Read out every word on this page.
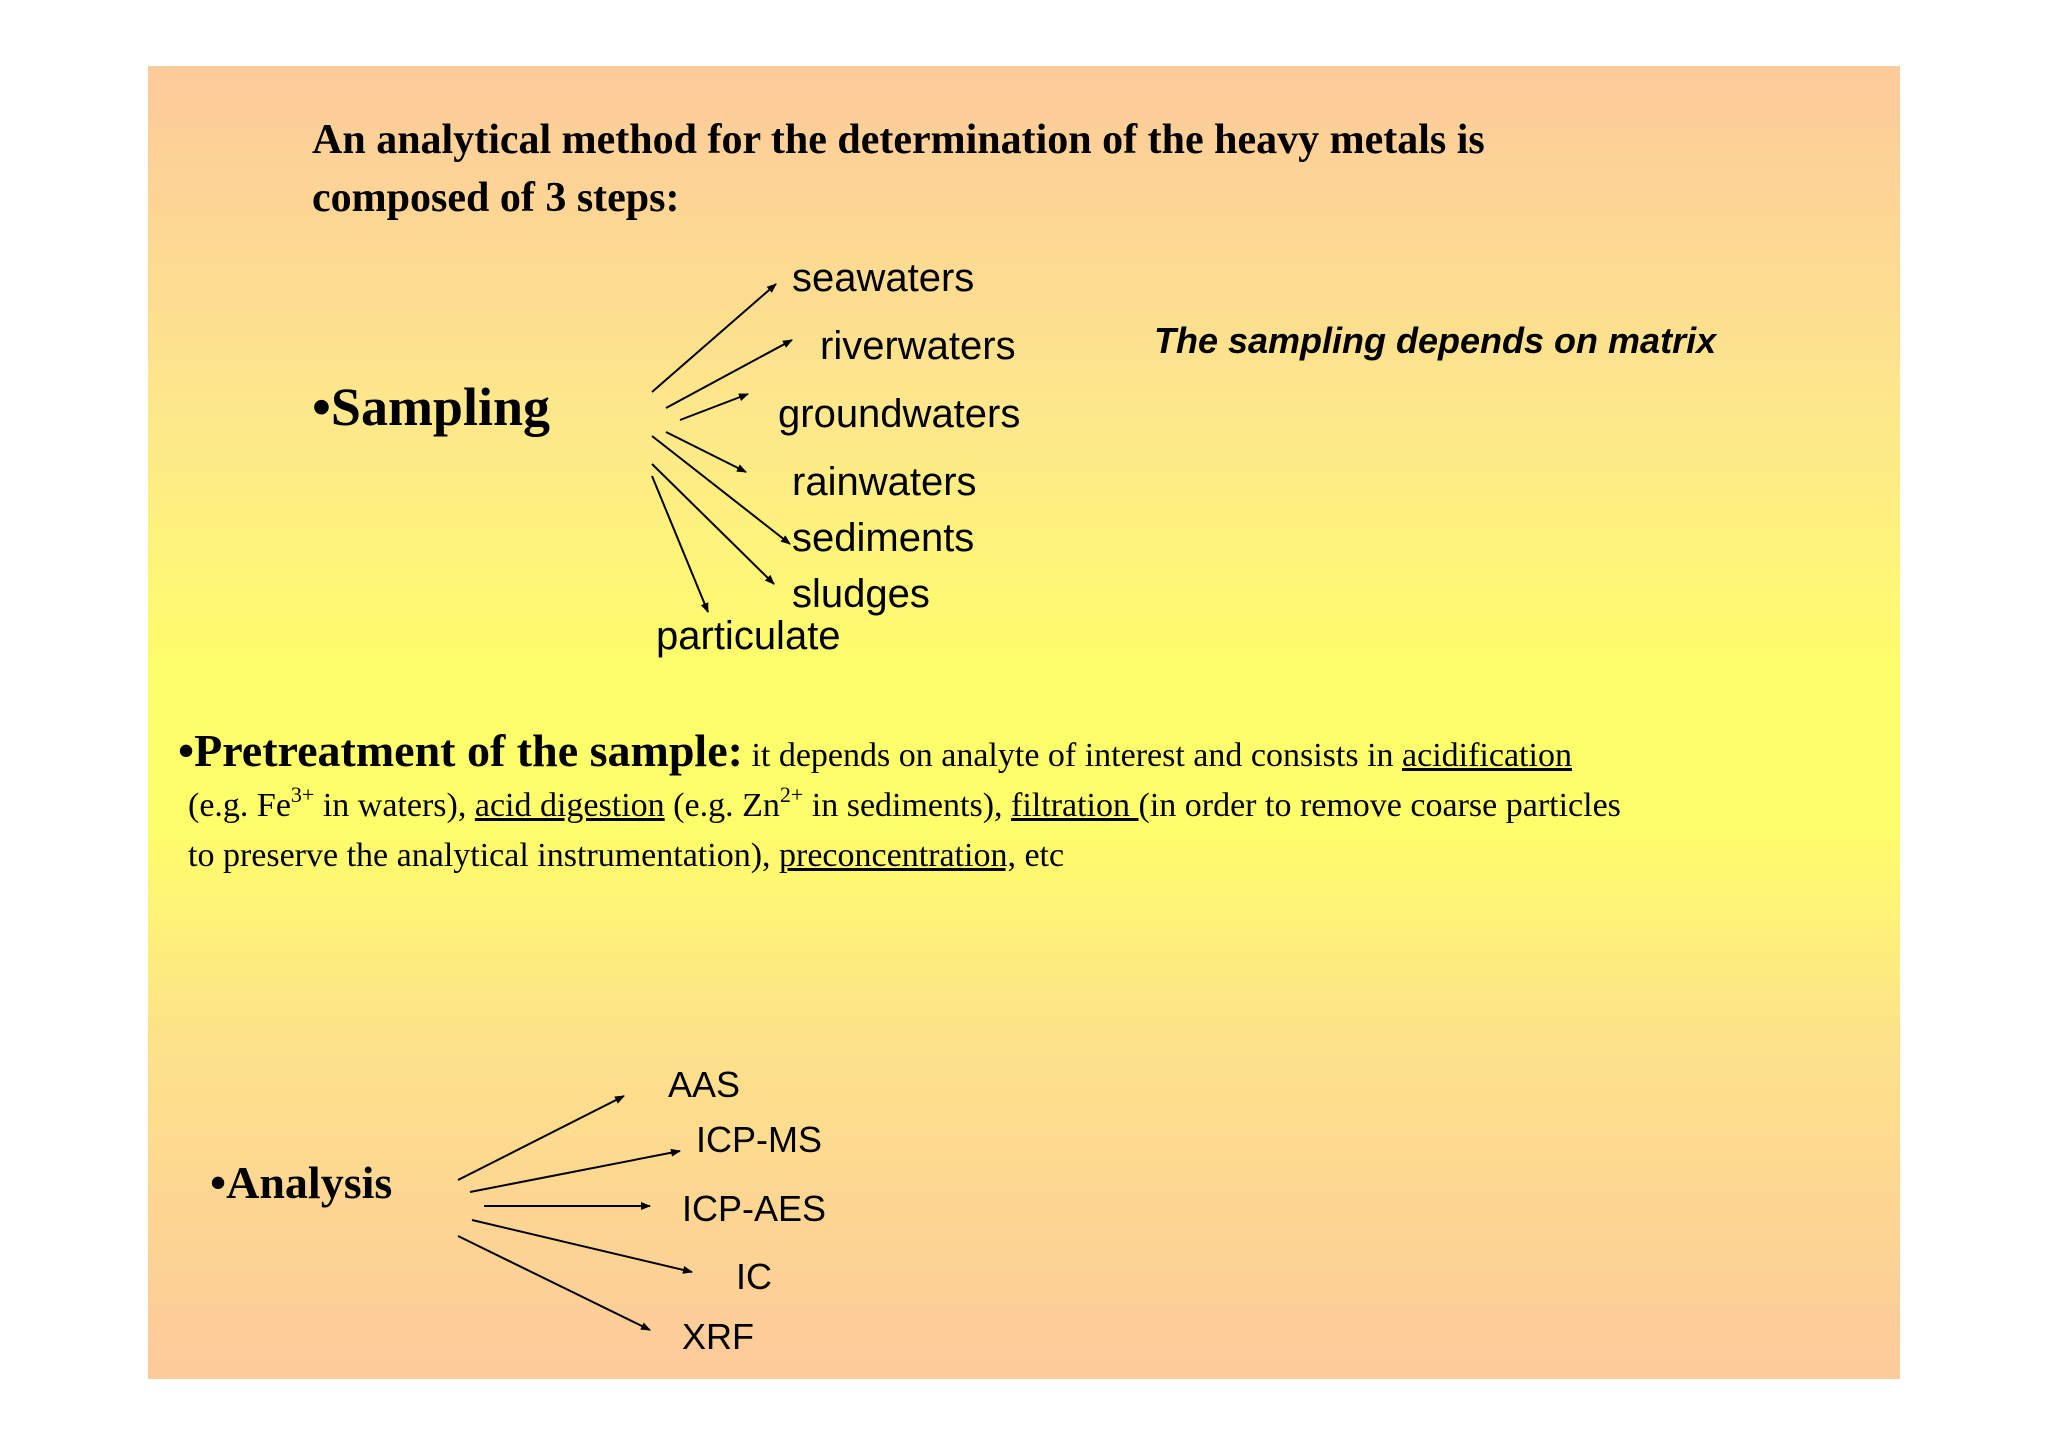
An analytical method for the determination of the heavy metals is
composed of 3 steps:
•Sampling
The sampling depends on matrix
seawaters
riverwaters
groundwaters
rainwaters
sediments
sludges
particulate
•Pretreatment of the sample: it depends on analyte of interest and consists in acidification
(e.g. $Fe^{3+}$ in waters), acid digestion (e.g. $Zn^{2+}$ in sediments), filtration (in order to remove coarse particles
to preserve the analytical instrumentation), preconcentration, etc
•Analysis
AAS
ICP-MS
ICP-AES
IC
XRF
